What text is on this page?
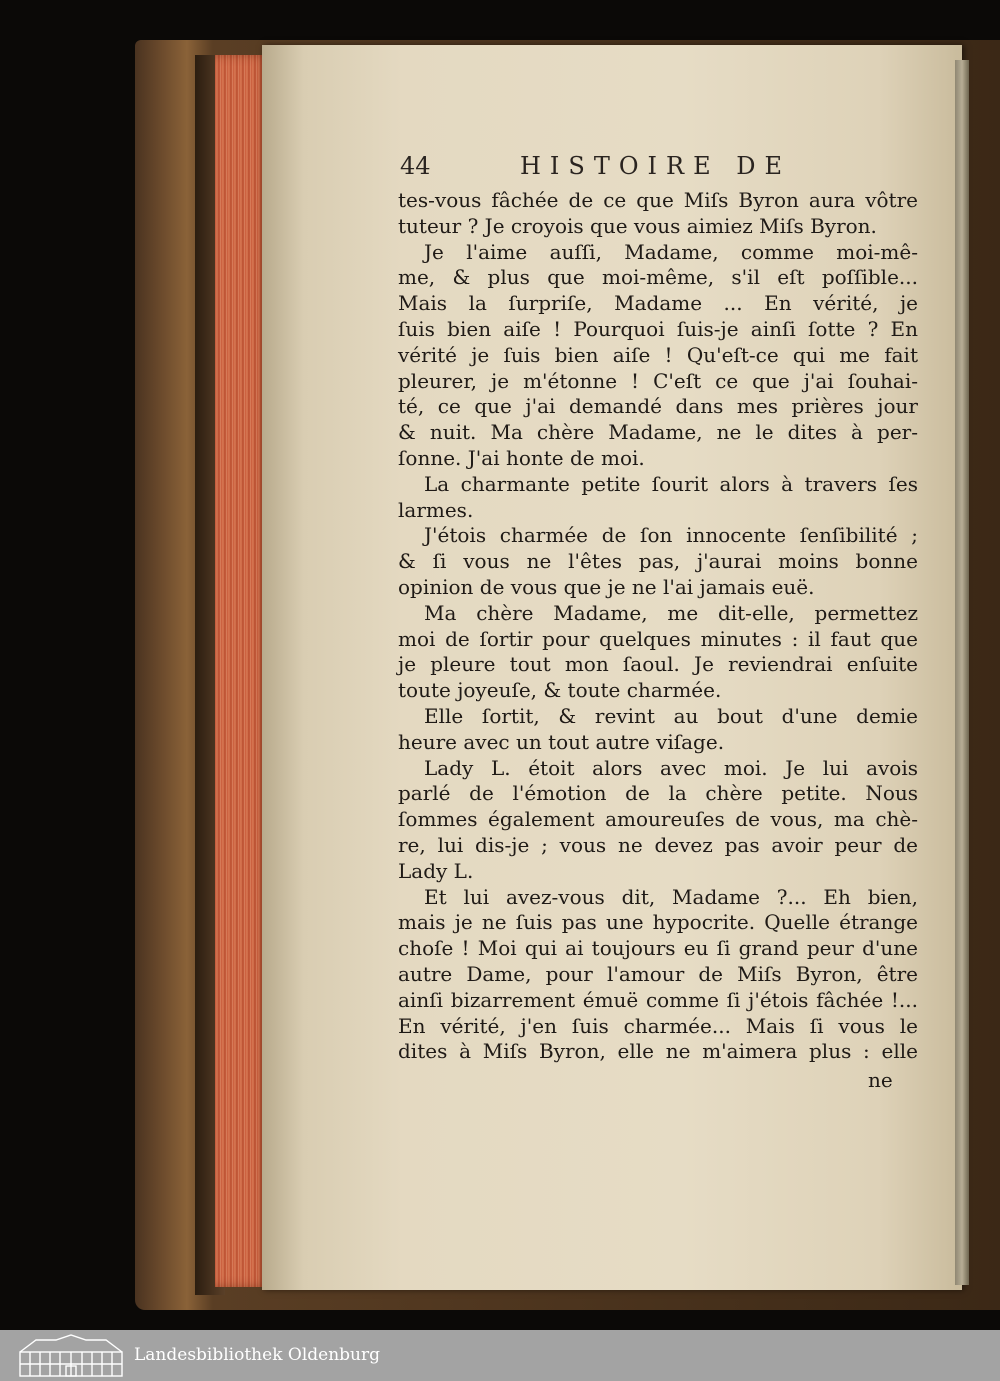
44	HISTOIRE DE
tes-vous fâchée de ce que Miſs Byron aura vôtre
tuteur ? Je croyois que vous aimiez Miſs Byron.
Je l'aime auſſi, Madame, comme moi-mê-
me, & plus que moi-même, s'il eſt poſſible...
Mais la ſurpriſe, Madame ... En vérité, je
ſuis bien aiſe ! Pourquoi ſuis-je ainſi ſotte ? En
vérité je ſuis bien aiſe ! Qu'eſt-ce qui me fait
pleurer, je m'étonne ! C'eſt ce que j'ai ſouhai-
té, ce que j'ai demandé dans mes prières jour
& nuit. Ma chère Madame, ne le dites à per-
ſonne. J'ai honte de moi.
La charmante petite ſourit alors à travers ſes
larmes.
J'étois charmée de ſon innocente ſenſibilité ;
& ſi vous ne l'êtes pas, j'aurai moins bonne
opinion de vous que je ne l'ai jamais euë.
Ma chère Madame, me dit-elle, permettez
moi de ſortir pour quelques minutes : il faut que
je pleure tout mon ſaoul. Je reviendrai enſuite
toute joyeuſe, & toute charmée.
Elle ſortit, & revint au bout d'une demie
heure avec un tout autre viſage.
Lady L. étoit alors avec moi. Je lui avois
parlé de l'émotion de la chère petite. Nous
ſommes également amoureuſes de vous, ma chè-
re, lui dis-je ; vous ne devez pas avoir peur de
Lady L.
Et lui avez-vous dit, Madame ?... Eh bien,
mais je ne ſuis pas une hypocrite. Quelle étrange
choſe ! Moi qui ai toujours eu ſi grand peur d'une
autre Dame, pour l'amour de Miſs Byron, être
ainſi bizarrement émuë comme ſi j'étois fâchée !...
En vérité, j'en ſuis charmée... Mais ſi vous le
dites à Miſs Byron, elle ne m'aimera plus : elle
ne
Landesbibliothek Oldenburg
